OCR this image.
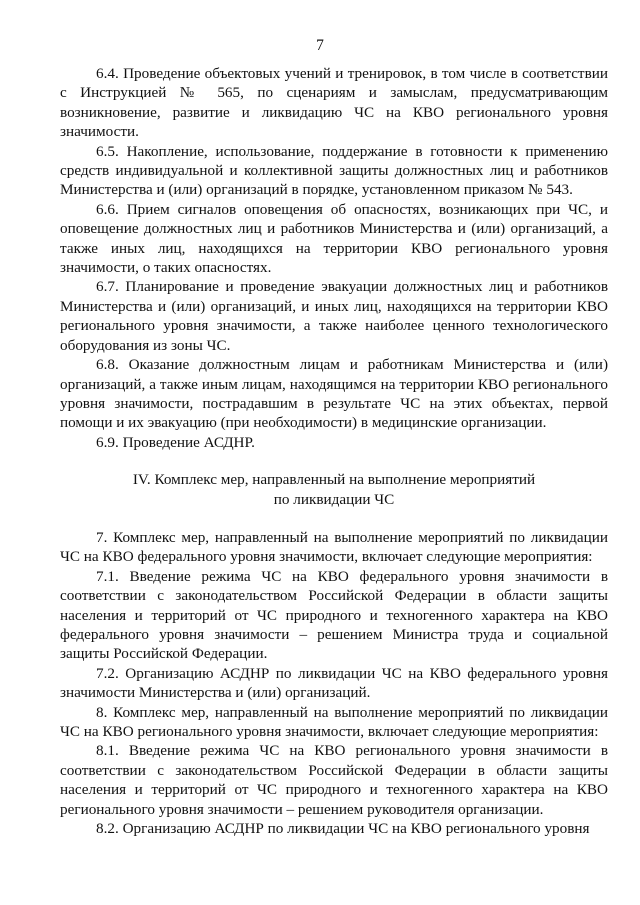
7

6.4. Проведение объектовых учений и тренировок, в том числе в соответствии с Инструкцией № 565, по сценариям и замыслам, предусматривающим возникновение, развитие и ликвидацию ЧС на КВО регионального уровня значимости.

6.5. Накопление, использование, поддержание в готовности к применению средств индивидуальной и коллективной защиты должностных лиц и работников Министерства и (или) организаций в порядке, установленном приказом № 543.

6.6. Прием сигналов оповещения об опасностях, возникающих при ЧС, и оповещение должностных лиц и работников Министерства и (или) организаций, а также иных лиц, находящихся на территории КВО регионального уровня значимости, о таких опасностях.

6.7. Планирование и проведение эвакуации должностных лиц и работников Министерства и (или) организаций, и иных лиц, находящихся на территории КВО регионального уровня значимости, а также наиболее ценного технологического оборудования из зоны ЧС.

6.8. Оказание должностным лицам и работникам Министерства и (или) организаций, а также иным лицам, находящимся на территории КВО регионального уровня значимости, пострадавшим в результате ЧС на этих объектах, первой помощи и их эвакуацию (при необходимости) в медицинские организации.

6.9. Проведение АСДНР.

IV. Комплекс мер, направленный на выполнение мероприятий
по ликвидации ЧС

7. Комплекс мер, направленный на выполнение мероприятий по ликвидации ЧС на КВО федерального уровня значимости, включает следующие мероприятия:

7.1. Введение режима ЧС на КВО федерального уровня значимости в соответствии с законодательством Российской Федерации в области защиты населения и территорий от ЧС природного и техногенного характера на КВО федерального уровня значимости – решением Министра труда и социальной защиты Российской Федерации.

7.2. Организацию АСДНР по ликвидации ЧС на КВО федерального уровня значимости Министерства и (или) организаций.

8. Комплекс мер, направленный на выполнение мероприятий по ликвидации ЧС на КВО регионального уровня значимости, включает следующие мероприятия:

8.1. Введение режима ЧС на КВО регионального уровня значимости в соответствии с законодательством Российской Федерации в области защиты населения и территорий от ЧС природного и техногенного характера на КВО регионального уровня значимости – решением руководителя организации.

8.2. Организацию АСДНР по ликвидации ЧС на КВО регионального уровня
